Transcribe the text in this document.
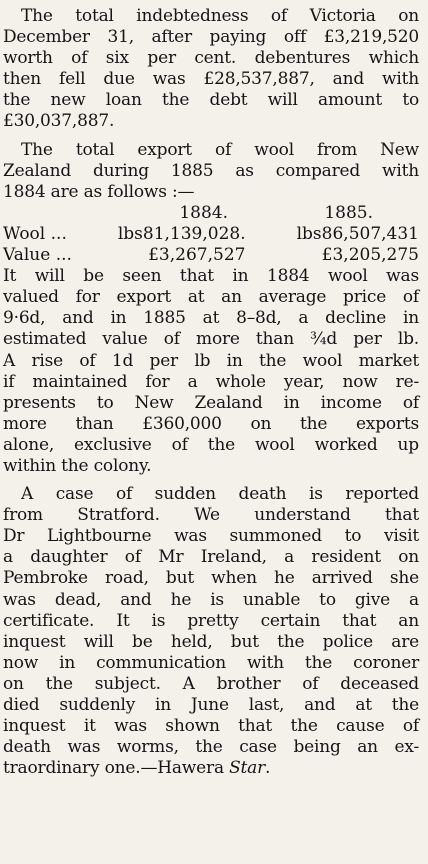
The total indebtedness of Victoria on
December 31, after paying off £3,219,520
worth of six per cent. debentures which
then fell due was £28,537,887, and with
the new loan the debt will amount to
£30,037,887.
The total export of wool from New
Zealand during 1885 as compared with
1884 are as follows :—
1884.	1885.
Wool ...	lbs81,139,028.	lbs86,507,431
Value ...	£3,267,527	£3,205,275
It will be seen that in 1884 wool was
valued for export at an average price of
9·6d, and in 1885 at 8–8d, a decline in
estimated value of more than ¾d per lb.
A rise of 1d per lb in the wool market
if maintained for a whole year, now re-
presents to New Zealand in income of
more than £360,000 on the exports
alone, exclusive of the wool worked up
within the colony.
A case of sudden death is reported
from Stratford. We understand that
Dr Lightbourne was summoned to visit
a daughter of Mr Ireland, a resident on
Pembroke road, but when he arrived she
was dead, and he is unable to give a
certificate. It is pretty certain that an
inquest will be held, but the police are
now in communication with the coroner
on the subject. A brother of deceased
died suddenly in June last, and at the
inquest it was shown that the cause of
death was worms, the case being an ex-
traordinary one.—Hawera Star.
